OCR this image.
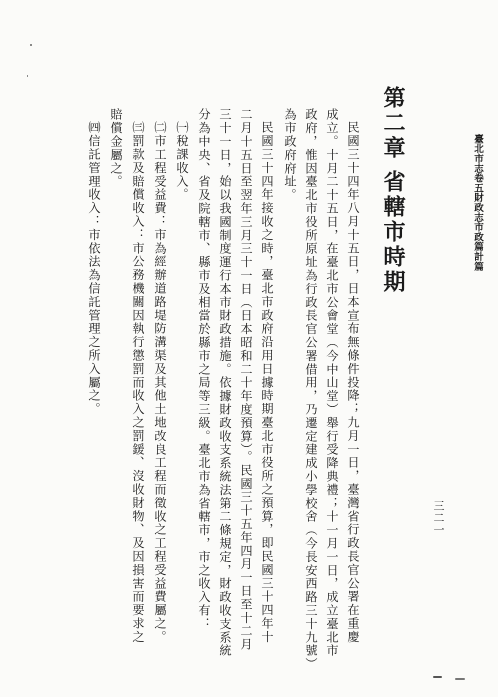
臺北市志卷五財政志市政篇計篇
三二一
第二章
省轄市時期
民國三十四年八月十五日，日本宣布無條件投降；九月一日，臺灣省行政長官公署在重慶
成立。十月二十五日，在臺北市公會堂（今中山堂）舉行受降典禮；十一月一日，成立臺北市
政府，惟因臺北市役所原址為行政長官公署借用，乃遷定建成小學校舍（今長安西路三十九號）
為市政府府址。
民國三十四年接收之時，臺北市政府沿用日據時期臺北市役所之預算，即民國三十四年十
二月十五日至翌年三月三十一日（日本昭和二十年度預算）。民國三十五年四月一日至十二月
三十一日，始以我國制度運行本市財政措施。依據財政收支系統法第二條規定，財政收支系統
分為中央、省及院轄市、縣市及相當於縣市之局等三級。臺北市為省轄市，市之收入有：
㈠稅課收入。
㈡市工程受益費：市為經辦道路堤防溝渠及其他土地改良工程而徵收之工程受益費屬之。
㈢罰款及賠償收入：市公務機關因執行懲罰而收入之罰鍰、沒收財物、及因損害而要求之
賠償金屬之。
㈣信託管理收入：市依法為信託管理之所入屬之。
